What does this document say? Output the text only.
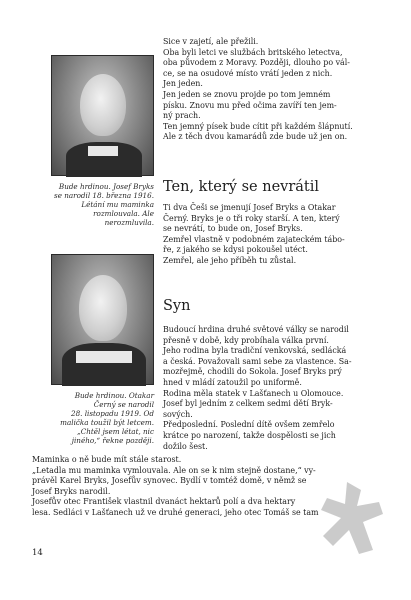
Bude hrdinou. Josef Bryks
se narodil 18. března 1916.
Létání mu maminka
rozmlouvala. Ale
nerozmluvila.
Bude hrdinou. Otakar
Černý se narodil
28. listopadu 1919. Od
malička toužil být letcem.
„Chtěl jsem létat, nic
jiného,“ řekne později.
Sice v zajetí, ale přežili.
Oba byli letci ve službách britského letectva,
oba původem z Moravy. Později, dlouho po vál-
ce, se na osudové místo vrátí jeden z nich.
Jen jeden.
Jen jeden se znovu projde po tom jemném
písku. Znovu mu před očima zavíří ten jem-
ný prach.
Ten jemný písek bude cítit při každém šlápnutí.
Ale z těch dvou kamarádů zde bude už jen on.
Ten, který se nevrátil
Ti dva Češi se jmenují Josef Bryks a Otakar
Černý. Bryks je o tři roky starší. A ten, který
se nevrátí, to bude on, Josef Bryks.
Zemřel vlastně v podobném zajateckém tábo-
ře, z jakého se kdysi pokoušel utéct.
Zemřel, ale jeho příběh tu zůstal.
Syn
Budoucí hrdina druhé světové války se narodil
přesně v době, kdy probíhala válka první.
Jeho rodina byla tradiční venkovská, sedlácká
a česká. Považovali sami sebe za vlastence. Sa-
mozřejmě, chodili do Sokola. Josef Bryks prý
hned v mládí zatoužil po uniformě.
Rodina měla statek v Lašťanech u Olomouce.
Josef byl jedním z celkem sedmi dětí Bryk-
sových.
Předposlední. Poslední dítě ovšem zemřelo
krátce po narození, takže dospělosti se jich
dožilo šest.
Maminka o ně bude mít stále starost.
„Letadla mu maminka vymlouvala. Ale on se k nim stejně dostane,“ vy-
právěl Karel Bryks, Josefův synovec. Bydlí v tomtéž domě, v němž se
Josef Bryks narodil.
Josefův otec František vlastnil dvanáct hektarů polí a dva hektary
lesa. Sedláci v Lašťanech už ve druhé generaci, jeho otec Tomáš se tam
14
